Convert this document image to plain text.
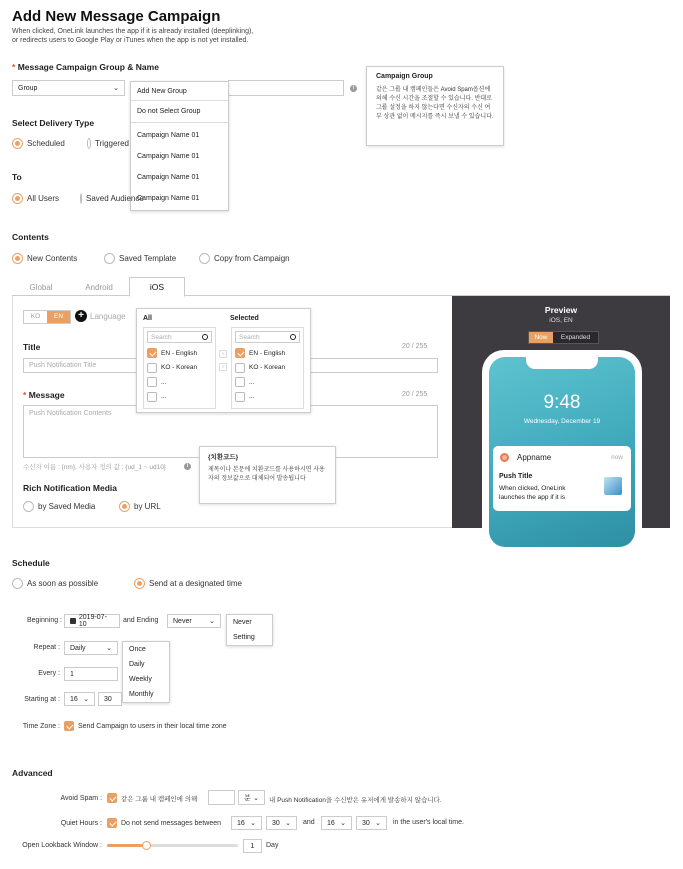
Add New Message Campaign
When clicked, OneLink launches the app if it is already installed (deeplinking),
or redirects users to Google Play or iTunes when the app is not yet installed.
* Message Campaign Group & Name
Group	⌄	i
Add New Group
Do not Select Group
Campaign Name 01
Campaign Name 01
Campaign Name 01
Campaign Name 01
Campaign Group
같은 그룹 내 캠페인들은 Avoid Spam옵션에 의해 수신 시간을 조절할 수 있습니다. 반대로 그룹 설정을 하지 않는다면 수신자의 수신 여부 상관 없이 메시지를 즉시 보낼 수 있습니다.
Select Delivery Type
Scheduled	Triggered
To
All Users	Saved Audience
Contents
New Contents	Saved Template	Copy from Campaign
Global	Android	iOS
KO	EN	+ Language
Title	20 / 255
Push Notification Title
* Message	20 / 255
Push Notification Contents
수신자 이름 : {nm}, 사용자 정의 값 : {ud_1 ~ ud10}	i
Rich Notification Media
by Saved Media	by URL
All	Selected
Search
EN - English
KO - Korean
...
...
›
‹
Search
EN - English
KO - Korean
...
...
{치환코드}
제목이나 본문에 치환코드를 사용하시면 사용자의 정보값으로 대체되어 발송됩니다
Preview
iOS, EN
Now	Expanded
9:48
Wednesday, December 19
Appname	now
Push Title
When clicked, OneLink launches the app if it is
Schedule
As soon as possible	Send at a designated time
Beginning : 2019-07-10
and Ending Never ⌄	Never
Setting
Repeat : Daily	⌄	Once
Daily
Weekly
Monthly
Every : 1
Starting at : 16 ⌄ 30
Time Zone :	Send Campaign to users in their local time zone
Advanced
Avoid Spam :	같은 그룹 내 캠페인에 의해	분 ⌄ 내 Push Notification을 수신받은 유저에게 발송하지 않습니다.
Quiet Hours :	Do not send messages between 16 ⌄ 30 ⌄ and 16 ⌄ 30 ⌄ in the user's local time.
Open Lookback Window :	1 Day
